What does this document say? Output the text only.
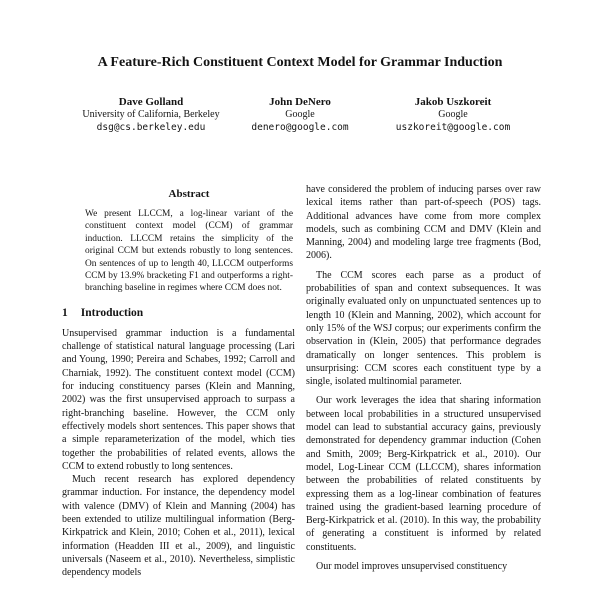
A Feature-Rich Constituent Context Model for Grammar Induction
Dave Golland
University of California, Berkeley
dsg@cs.berkeley.edu
John DeNero
Google
denero@google.com
Jakob Uszkoreit
Google
uszkoreit@google.com
Abstract

We present LLCCM, a log-linear variant of the constituent context model (CCM) of grammar induction. LLCCM retains the simplicity of the original CCM but extends robustly to long sentences. On sentences of up to length 40, LLCCM outperforms CCM by 13.9% bracketing F1 and outperforms a right-branching baseline in regimes where CCM does not.

1 Introduction

Unsupervised grammar induction is a fundamental challenge of statistical natural language processing (Lari and Young, 1990; Pereira and Schabes, 1992; Carroll and Charniak, 1992). The constituent context model (CCM) for inducing constituency parses (Klein and Manning, 2002) was the first unsupervised approach to surpass a right-branching baseline. However, the CCM only effectively models short sentences. This paper shows that a simple reparameterization of the model, which ties together the probabilities of related events, allows the CCM to extend robustly to long sentences.

Much recent research has explored dependency grammar induction. For instance, the dependency model with valence (DMV) of Klein and Manning (2004) has been extended to utilize multilingual information (Berg-Kirkpatrick and Klein, 2010; Cohen et al., 2011), lexical information (Headden III et al., 2009), and linguistic universals (Naseem et al., 2010). Nevertheless, simplistic dependency models

have considered the problem of inducing parses over raw lexical items rather than part-of-speech (POS) tags. Additional advances have come from more complex models, such as combining CCM and DMV (Klein and Manning, 2004) and modeling large tree fragments (Bod, 2006).

The CCM scores each parse as a product of probabilities of span and context subsequences. It was originally evaluated only on unpunctuated sentences up to length 10 (Klein and Manning, 2002), which account for only 15% of the WSJ corpus; our experiments confirm the observation in (Klein, 2005) that performance degrades dramatically on longer sentences. This problem is unsurprising: CCM scores each constituent type by a single, isolated multinomial parameter.

Our work leverages the idea that sharing information between local probabilities in a structured unsupervised model can lead to substantial accuracy gains, previously demonstrated for dependency grammar induction (Cohen and Smith, 2009; Berg-Kirkpatrick et al., 2010). Our model, Log-Linear CCM (LLCCM), shares information between the probabilities of related constituents by expressing them as a log-linear combination of features trained using the gradient-based learning procedure of Berg-Kirkpatrick et al. (2010). In this way, the probability of generating a constituent is informed by related constituents.

Our model improves unsupervised constituency
